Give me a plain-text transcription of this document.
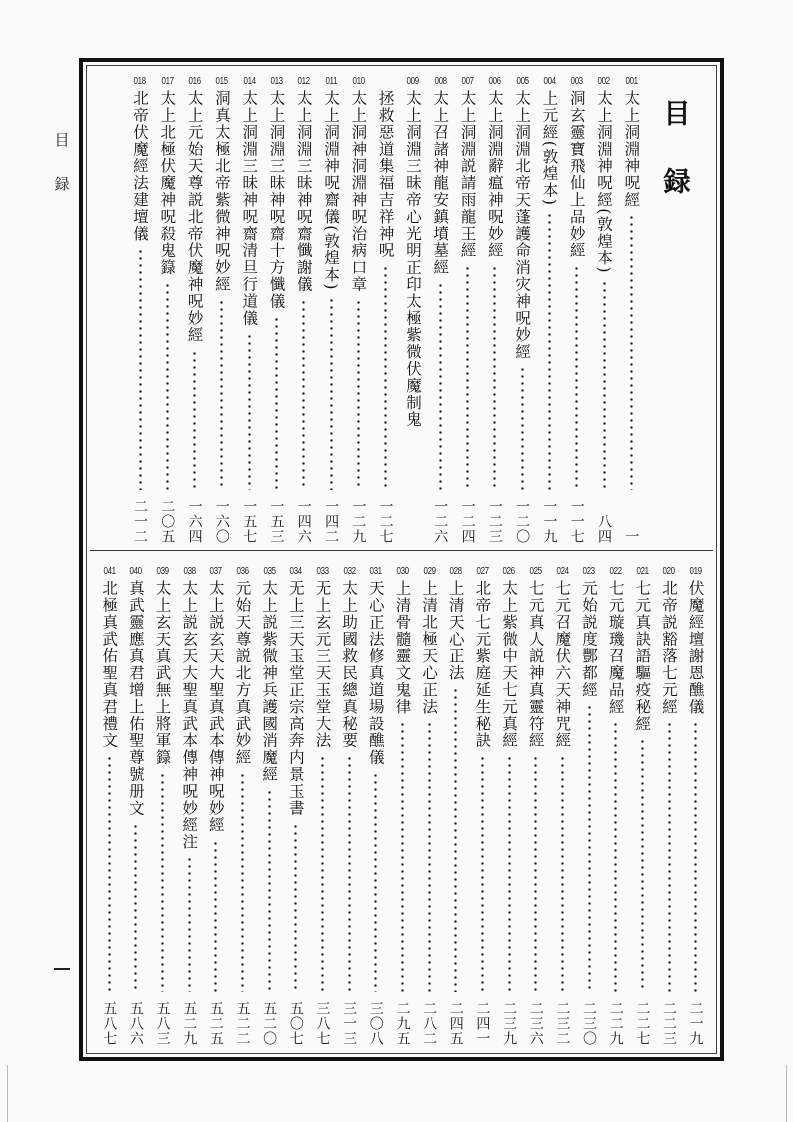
目
録
目
録
001
太上洞淵神呪經
一
002
太上洞淵神呪經(敦煌本)
八四
003
洞玄靈寶飛仙上品妙經
一一七
004
上元經(敦煌本)
一一九
005
太上洞淵北帝天蓬護命消灾神呪妙經
一二〇
006
太上洞淵辭瘟神呪妙經
一二三
007
太上洞淵説請雨龍王經
一二四
008
太上召諸神龍安鎮墳墓經
一二六
009
太上洞淵三昧帝心光明正印太極紫微伏魔制鬼
拯救惡道集福吉祥神呪
一二七
010
太上洞神洞淵神呪治病口章
一二九
011
太上洞淵神呪齋儀(敦煌本)
一四二
012
太上洞淵三昧神呪齋懺謝儀
一四六
013
太上洞淵三昧神呪齋十方懺儀
一五三
014
太上洞淵三昧神呪齋清旦行道儀
一五七
015
洞真太極北帝紫微神呪妙經
一六〇
016
太上元始天尊説北帝伏魔神呪妙經
一六四
017
太上北極伏魔神呪殺鬼籙
二〇五
018
北帝伏魔經法建壇儀
二一二
019
伏魔經壇謝恩醮儀
二一九
020
北帝説豁落七元經
二二三
021
七元真訣語驅疫秘經
二二七
022
七元璇璣召魔品經
二二九
023
元始説度酆都經
二三〇
024
七元召魔伏六天神咒經
二三二
025
七元真人説神真靈符經
二三六
026
太上紫微中天七元真經
二三九
027
北帝七元紫庭延生秘訣
二四一
028
上清天心正法
二四五
029
上清北極天心正法
二八二
030
上清骨髓靈文鬼律
二九五
031
天心正法修真道場設醮儀
三〇八
032
太上助國救民總真秘要
三一三
033
无上玄元三天玉堂大法
三八七
034
无上三天玉堂正宗高奔内景玉書
五〇七
035
太上説紫微神兵護國消魔經
五二〇
036
元始天尊説北方真武妙經
五二二
037
太上説玄天大聖真武本傳神呪妙經
五二五
038
太上説玄天大聖真武本傳神呪妙經注
五二九
039
太上玄天真武無上將軍籙
五八三
040
真武靈應真君增上佑聖尊號册文
五八六
041
北極真武佑聖真君禮文
五八七
